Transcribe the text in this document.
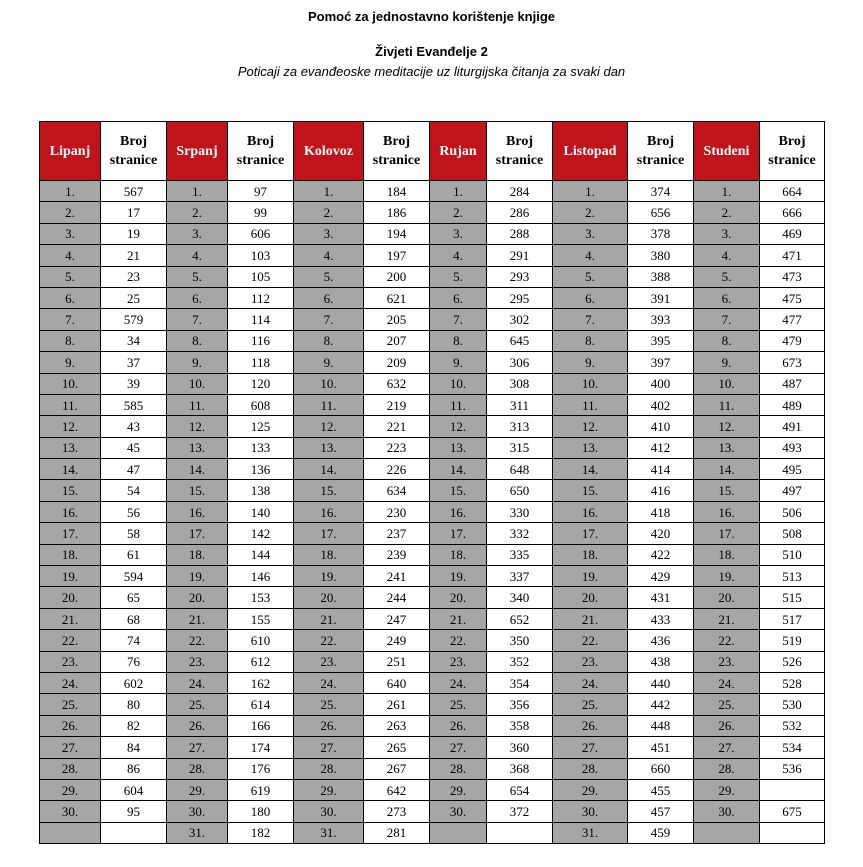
Pomoć za jednostavno korištenje knjige
Živjeti Evanđelje 2
Poticaji za evanđeoske meditacije uz liturgijska čitanja za svaki dan
Lipanj	Broj stranice	Srpanj	Broj stranice	Kolovoz	Broj stranice	Rujan	Broj stranice	Listopad	Broj stranice	Studeni	Broj stranice
1.	567	1.	97	1.	184	1.	284	1.	374	1.	664
2.	17	2.	99	2.	186	2.	286	2.	656	2.	666
3.	19	3.	606	3.	194	3.	288	3.	378	3.	469
4.	21	4.	103	4.	197	4.	291	4.	380	4.	471
5.	23	5.	105	5.	200	5.	293	5.	388	5.	473
6.	25	6.	112	6.	621	6.	295	6.	391	6.	475
7.	579	7.	114	7.	205	7.	302	7.	393	7.	477
8.	34	8.	116	8.	207	8.	645	8.	395	8.	479
9.	37	9.	118	9.	209	9.	306	9.	397	9.	673
10.	39	10.	120	10.	632	10.	308	10.	400	10.	487
11.	585	11.	608	11.	219	11.	311	11.	402	11.	489
12.	43	12.	125	12.	221	12.	313	12.	410	12.	491
13.	45	13.	133	13.	223	13.	315	13.	412	13.	493
14.	47	14.	136	14.	226	14.	648	14.	414	14.	495
15.	54	15.	138	15.	634	15.	650	15.	416	15.	497
16.	56	16.	140	16.	230	16.	330	16.	418	16.	506
17.	58	17.	142	17.	237	17.	332	17.	420	17.	508
18.	61	18.	144	18.	239	18.	335	18.	422	18.	510
19.	594	19.	146	19.	241	19.	337	19.	429	19.	513
20.	65	20.	153	20.	244	20.	340	20.	431	20.	515
21.	68	21.	155	21.	247	21.	652	21.	433	21.	517
22.	74	22.	610	22.	249	22.	350	22.	436	22.	519
23.	76	23.	612	23.	251	23.	352	23.	438	23.	526
24.	602	24.	162	24.	640	24.	354	24.	440	24.	528
25.	80	25.	614	25.	261	25.	356	25.	442	25.	530
26.	82	26.	166	26.	263	26.	358	26.	448	26.	532
27.	84	27.	174	27.	265	27.	360	27.	451	27.	534
28.	86	28.	176	28.	267	28.	368	28.	660	28.	536
29.	604	29.	619	29.	642	29.	654	29.	455	29.	
30.	95	30.	180	30.	273	30.	372	30.	457	30.	675
		31.	182	31.	281			31.	459		
